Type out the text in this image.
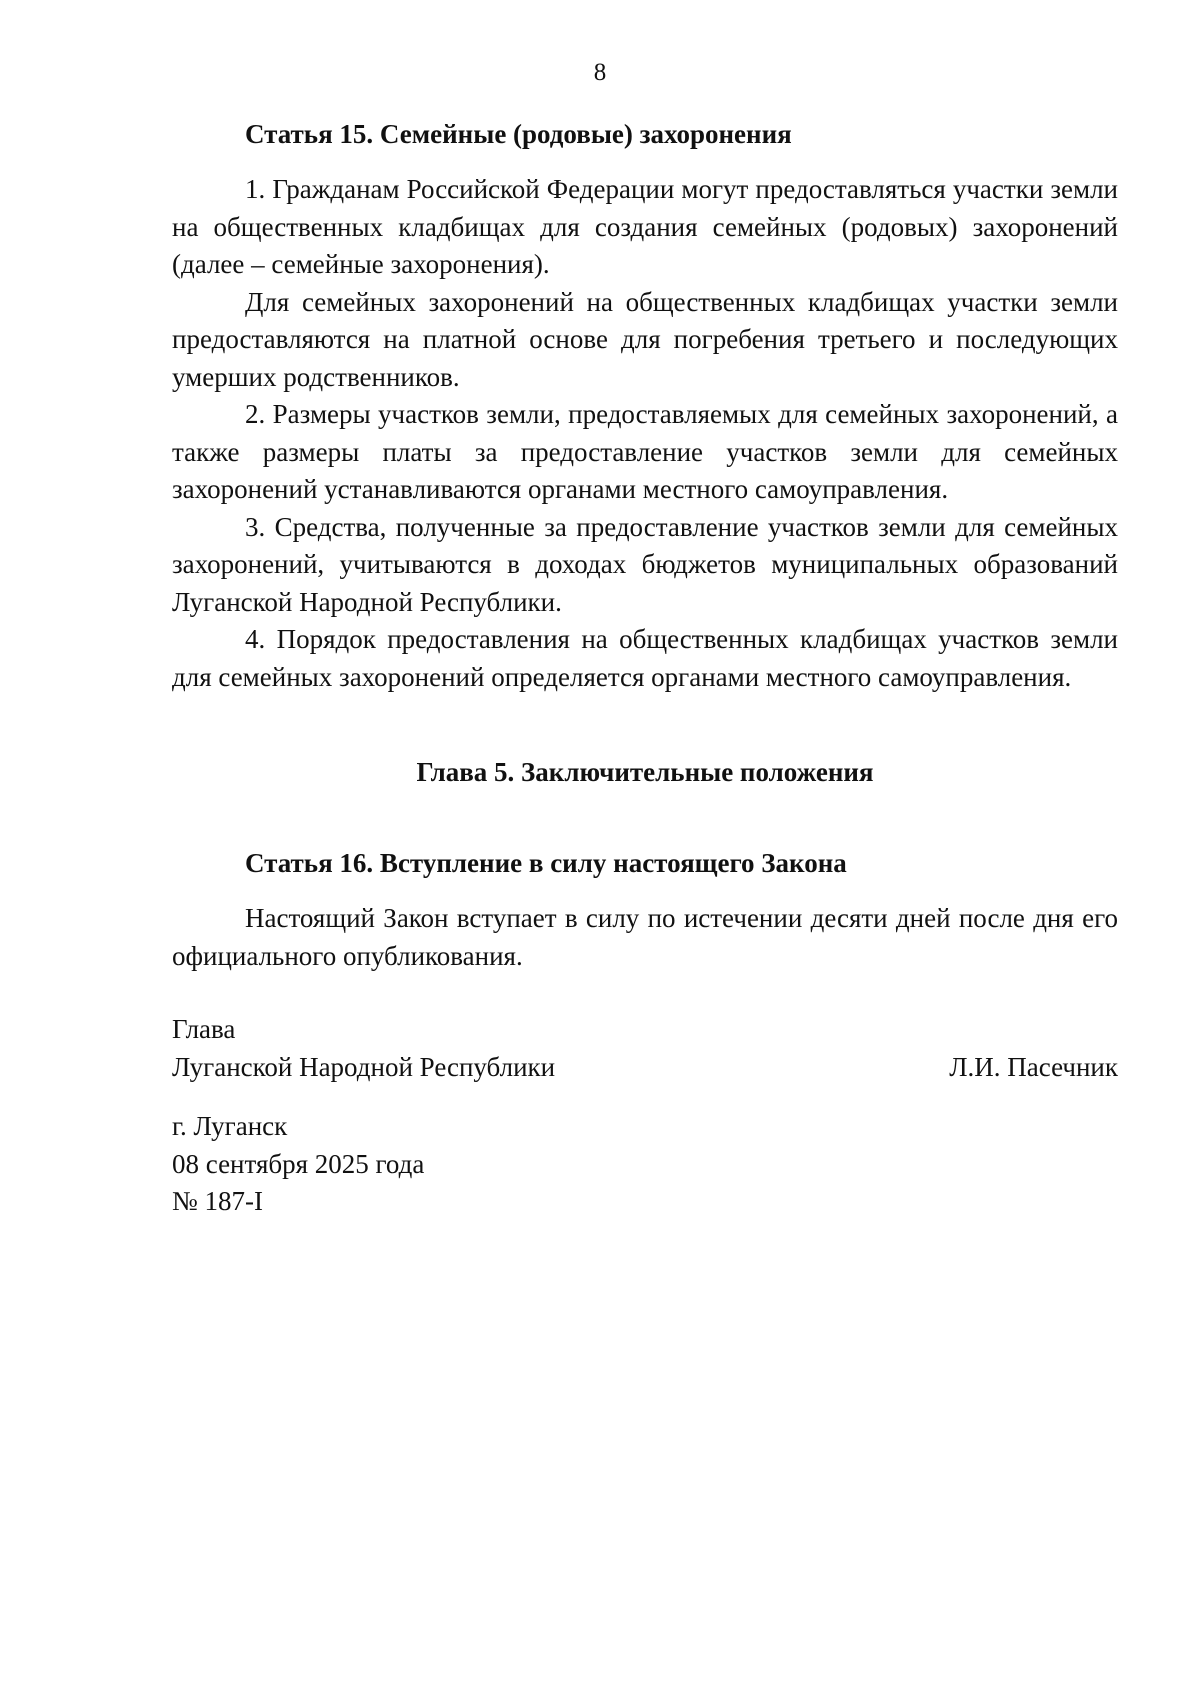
8

Статья 15. Семейные (родовые) захоронения

1. Гражданам Российской Федерации могут предоставляться участки земли на общественных кладбищах для создания семейных (родовых) захоронений (далее – семейные захоронения).

Для семейных захоронений на общественных кладбищах участки земли предоставляются на платной основе для погребения третьего и последующих умерших родственников.

2. Размеры участков земли, предоставляемых для семейных захоронений, а также размеры платы за предоставление участков земли для семейных захоронений устанавливаются органами местного самоуправления.

3. Средства, полученные за предоставление участков земли для семейных захоронений, учитываются в доходах бюджетов муниципальных образований Луганской Народной Республики.

4. Порядок предоставления на общественных кладбищах участков земли для семейных захоронений определяется органами местного самоуправления.

Глава 5. Заключительные положения

Статья 16. Вступление в силу настоящего Закона

Настоящий Закон вступает в силу по истечении десяти дней после дня его официального опубликования.

Глава

Луганской Народной Республики	Л.И. Пасечник

г. Луганск

08 сентября 2025 года

№ 187-I
